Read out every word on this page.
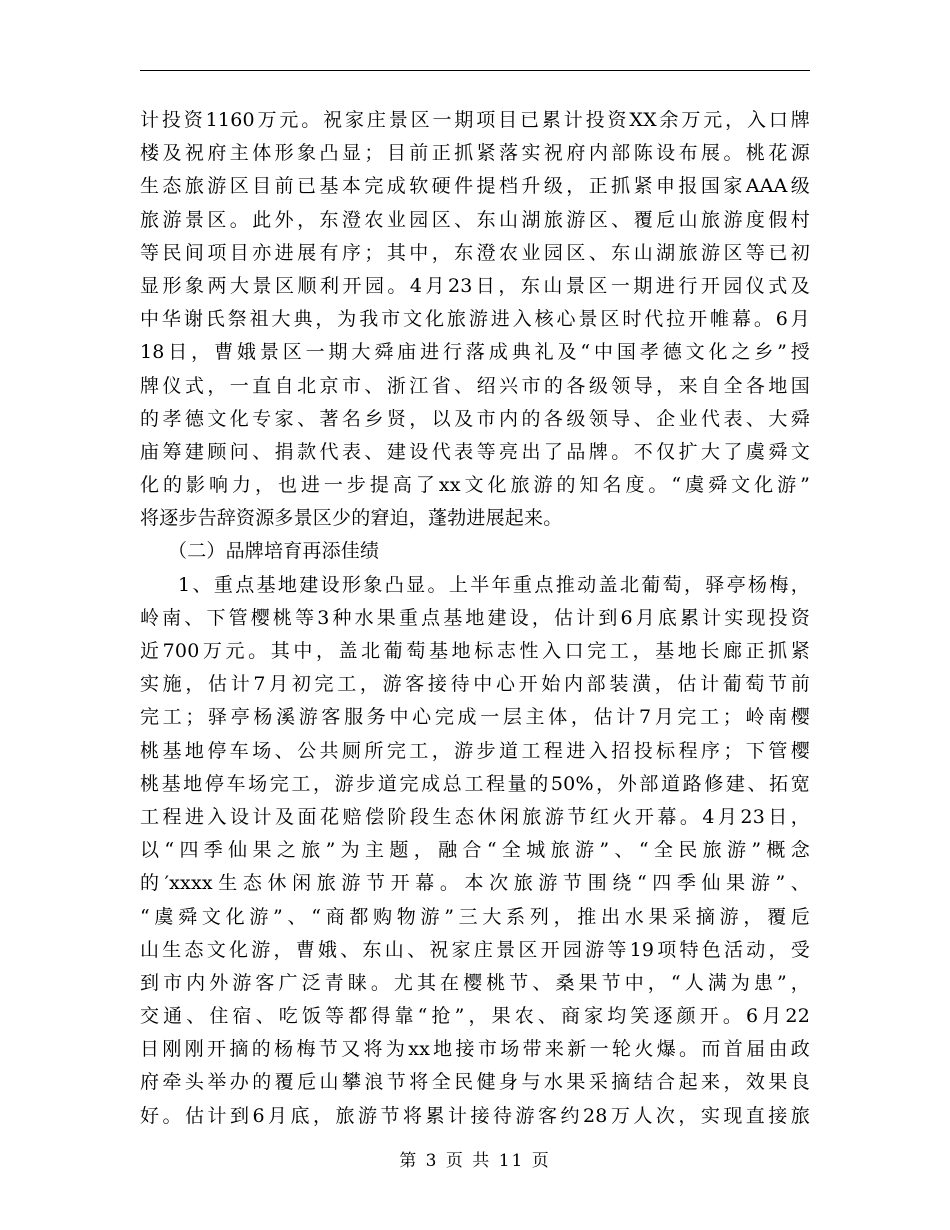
计投资1160万元。祝家庄景区一期项目已累计投资XX余万元，入口牌
楼及祝府主体形象凸显；目前正抓紧落实祝府内部陈设布展。桃花源
生态旅游区目前已基本完成软硬件提档升级，正抓紧申报国家AAA级
旅游景区。此外，东澄农业园区、东山湖旅游区、覆卮山旅游度假村
等民间项目亦进展有序；其中，东澄农业园区、东山湖旅游区等已初
显形象两大景区顺利开园。4月23日，东山景区一期进行开园仪式及
中华谢氏祭祖大典，为我市文化旅游进入核心景区时代拉开帷幕。6月
18日，曹娥景区一期大舜庙进行落成典礼及“中国孝德文化之乡”授
牌仪式，一直自北京市、浙江省、绍兴市的各级领导，来自全各地国
的孝德文化专家、著名乡贤，以及市内的各级领导、企业代表、大舜
庙筹建顾问、捐款代表、建设代表等亮出了品牌。不仅扩大了虞舜文
化的影响力，也进一步提高了xx文化旅游的知名度。“虞舜文化游”
将逐步告辞资源多景区少的窘迫，蓬勃进展起来。
（二）品牌培育再添佳绩
1、重点基地建设形象凸显。上半年重点推动盖北葡萄，驿亭杨梅，
岭南、下管樱桃等3种水果重点基地建设，估计到6月底累计实现投资
近700万元。其中，盖北葡萄基地标志性入口完工，基地长廊正抓紧
实施，估计7月初完工，游客接待中心开始内部装潢，估计葡萄节前
完工；驿亭杨溪游客服务中心完成一层主体，估计7月完工；岭南樱
桃基地停车场、公共厕所完工，游步道工程进入招投标程序；下管樱
桃基地停车场完工，游步道完成总工程量的50%，外部道路修建、拓宽
工程进入设计及面花赔偿阶段生态休闲旅游节红火开幕。4月23日，
以“四季仙果之旅”为主题，融合“全城旅游”、“全民旅游”概念
的′xxxx生态休闲旅游节开幕。本次旅游节围绕“四季仙果游”、
“虞舜文化游”、“商都购物游”三大系列，推出水果采摘游，覆卮
山生态文化游，曹娥、东山、祝家庄景区开园游等19项特色活动，受
到市内外游客广泛青睐。尤其在樱桃节、桑果节中，“人满为患”，
交通、住宿、吃饭等都得靠“抢”，果农、商家均笑逐颜开。6月22
日刚刚开摘的杨梅节又将为xx地接市场带来新一轮火爆。而首届由政
府牵头举办的覆卮山攀浪节将全民健身与水果采摘结合起来，效果良
好。估计到6月底，旅游节将累计接待游客约28万人次，实现直接旅
第 3 页 共 11 页
